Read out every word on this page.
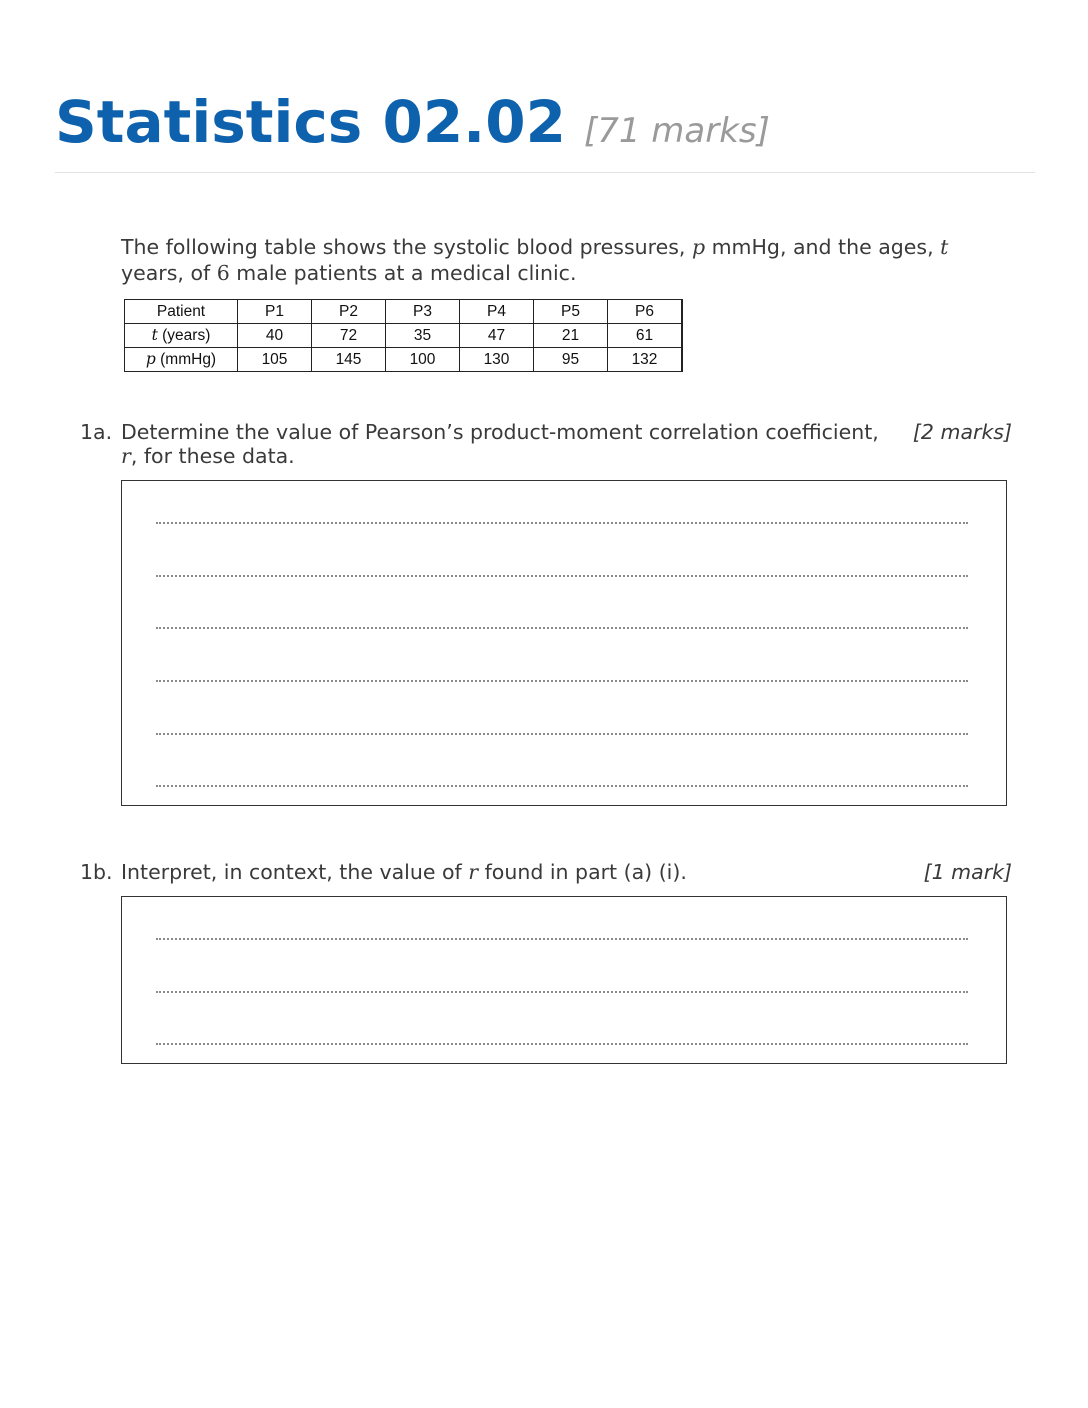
Statistics 02.02 [71 marks]
The following table shows the systolic blood pressures, p mmHg, and the ages, t
years, of 6 male patients at a medical clinic.
Patient	P1	P2	P3	P4	P5	P6
t (years)	40	72	35	47	21	61
p (mmHg)	105	145	100	130	95	132
1a. Determine the value of Pearson’s product-moment correlation coefficient, r, for these data.
[2 marks]
1b. Interpret, in context, the value of r found in part (a) (i).	[1 mark]
